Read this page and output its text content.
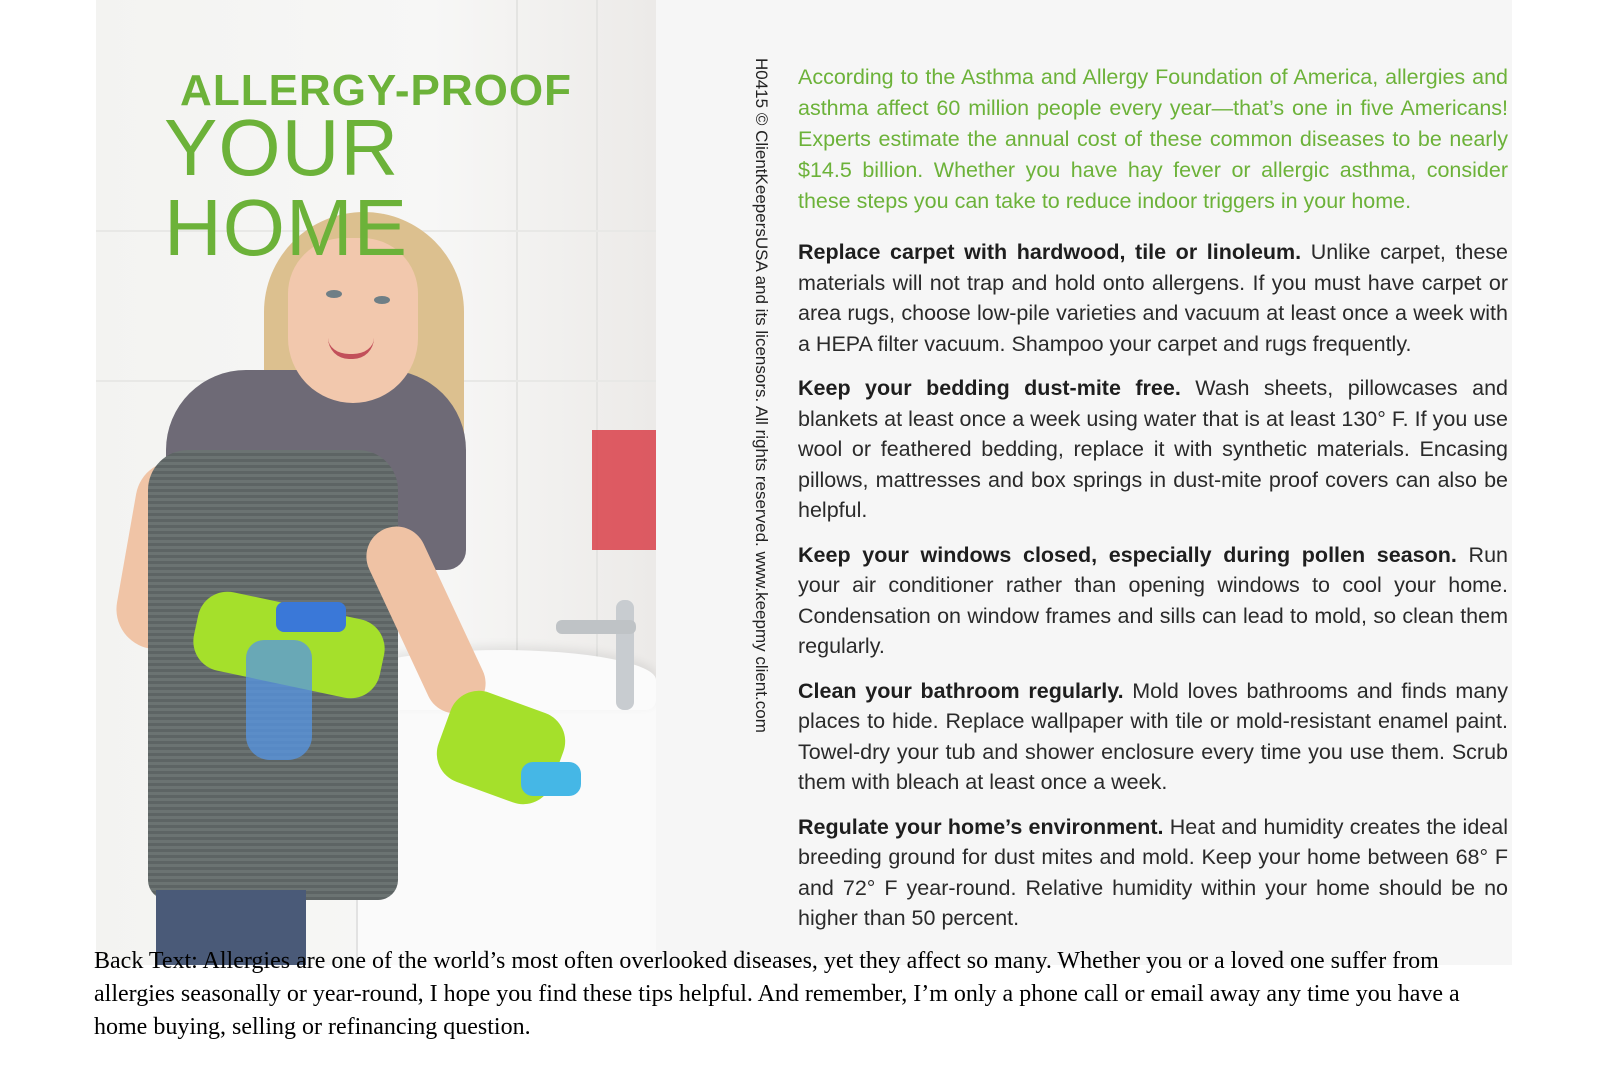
ALLERGY-PROOF
YOUR HOME	H0415 © ClientKeepersUSA and its licensors. All rights reserved. www.keepmy client.com According to the Asthma and Allergy Foundation of America, allergies and asthma affect 60 million people every year—that’s one in five Americans! Experts estimate the annual cost of these common diseases to be nearly $14.5 billion. Whether you have hay fever or allergic asthma, consider these steps you can take to reduce indoor triggers in your home.

Replace carpet with hardwood, tile or linoleum. Unlike carpet, these materials will not trap and hold onto allergens. If you must have carpet or area rugs, choose low-pile varieties and vacuum at least once a week with a HEPA filter vacuum. Shampoo your carpet and rugs frequently.

Keep your bedding dust-mite free. Wash sheets, pillowcases and blankets at least once a week using water that is at least 130° F. If you use wool or feathered bedding, replace it with synthetic materials. Encasing pillows, mattresses and box springs in dust-mite proof covers can also be helpful.

Keep your windows closed, especially during pollen season. Run your air conditioner rather than opening windows to cool your home. Condensation on window frames and sills can lead to mold, so clean them regularly.

Clean your bathroom regularly. Mold loves bathrooms and finds many places to hide. Replace wallpaper with tile or mold-resistant enamel paint. Towel-dry your tub and shower enclosure every time you use them. Scrub them with bleach at least once a week.

Regulate your home’s environment. Heat and humidity creates the ideal breeding ground for dust mites and mold. Keep your home between 68° F and 72° F year-round. Relative humidity within your home should be no higher than 50 percent.

Back Text: Allergies are one of the world’s most often overlooked diseases, yet they affect so many. Whether you or a loved one suffer from allergies seasonally or year-round, I hope you find these tips helpful. And remember, I’m only a phone call or email away any time you have a home buying, selling or refinancing question.
